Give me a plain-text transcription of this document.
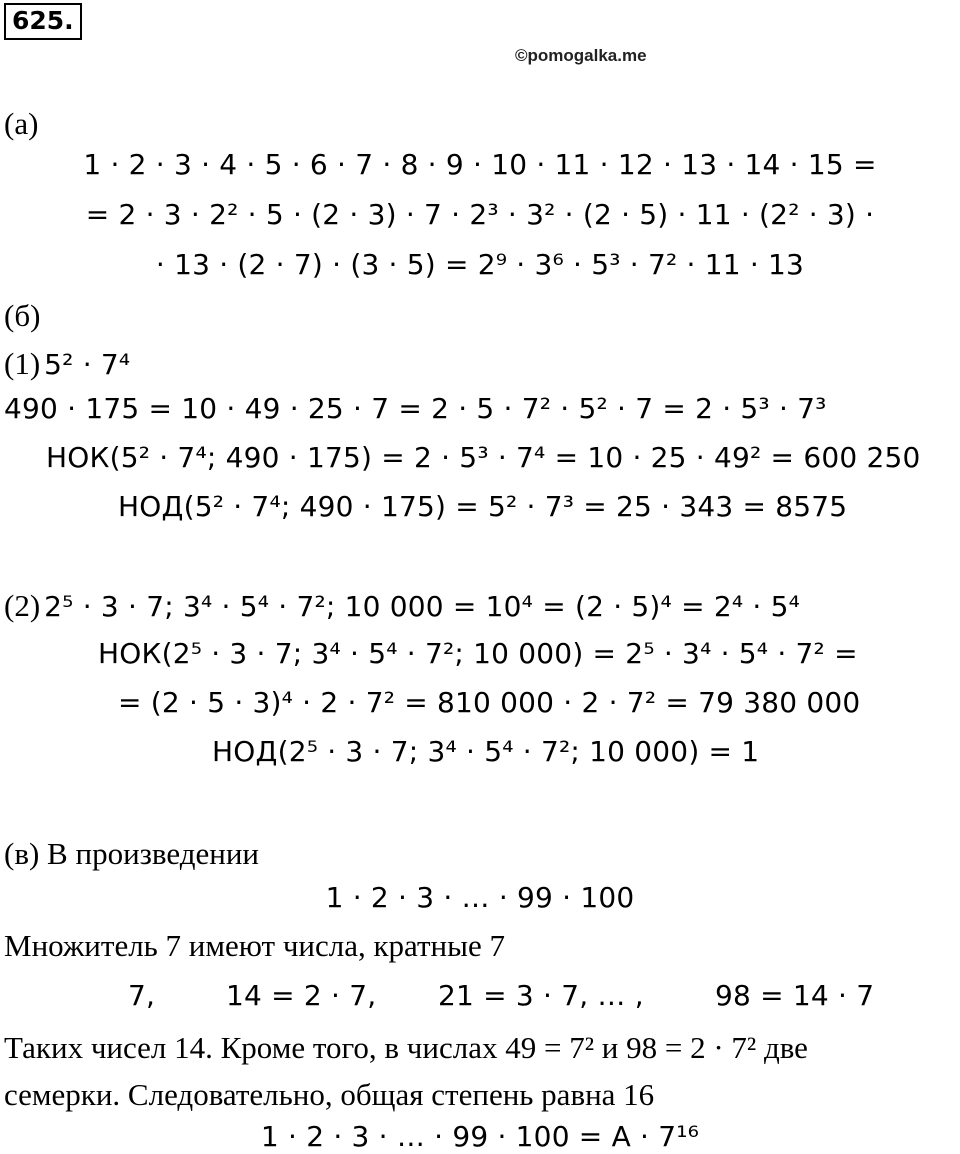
625.
©pomogalka.me
(а)
1 · 2 · 3 · 4 · 5 · 6 · 7 · 8 · 9 · 10 · 11 · 12 · 13 · 14 · 15 =
= 2 · 3 · 2² · 5 · (2 · 3) · 7 · 2³ · 3² · (2 · 5) · 11 · (2² · 3) ·
· 13 · (2 · 7) · (3 · 5) = 2⁹ · 3⁶ · 5³ · 7² · 11 · 13
(б)
(1) 5² · 7⁴
490 · 175 = 10 · 49 · 25 · 7 = 2 · 5 · 7² · 5² · 7 = 2 · 5³ · 7³
НОК(5² · 7⁴; 490 · 175) = 2 · 5³ · 7⁴ = 10 · 25 · 49² = 600 250
НОД(5² · 7⁴; 490 · 175) = 5² · 7³ = 25 · 343 = 8575
(2) 2⁵ · 3 · 7; 3⁴ · 5⁴ · 7²; 10 000 = 10⁴ = (2 · 5)⁴ = 2⁴ · 5⁴
НОК(2⁵ · 3 · 7; 3⁴ · 5⁴ · 7²; 10 000) = 2⁵ · 3⁴ · 5⁴ · 7² =
= (2 · 5 · 3)⁴ · 2 · 7² = 810 000 · 2 · 7² = 79 380 000
НОД(2⁵ · 3 · 7; 3⁴ · 5⁴ · 7²; 10 000) = 1
(в) В произведении
1 · 2 · 3 · … · 99 · 100
Множитель 7 имеют числа, кратные 7
7,	14 = 2 · 7, 21 = 3 · 7, … ,	98 = 14 · 7
Таких чисел 14. Кроме того, в числах 49 = 7² и 98 = 2 · 7² две
семерки. Следовательно, общая степень равна 16
1 · 2 · 3 · … · 99 · 100 = A · 7¹⁶
